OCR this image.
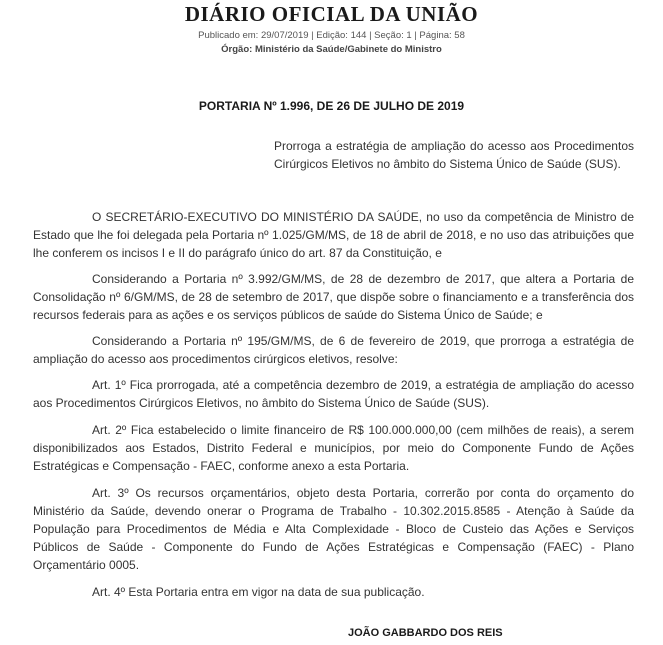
DIÁRIO OFICIAL DA UNIÃO
Publicado em: 29/07/2019 | Edição: 144 | Seção: 1 | Página: 58
Órgão: Ministério da Saúde/Gabinete do Ministro
PORTARIA Nº 1.996, DE 26 DE JULHO DE 2019
Prorroga a estratégia de ampliação do acesso aos Procedimentos Cirúrgicos Eletivos no âmbito do Sistema Único de Saúde (SUS).

O SECRETÁRIO-EXECUTIVO DO MINISTÉRIO DA SAÚDE, no uso da competência de Ministro de Estado que lhe foi delegada pela Portaria nº 1.025/GM/MS, de 18 de abril de 2018, e no uso das atribuições que lhe conferem os incisos I e II do parágrafo único do art. 87 da Constituição, e

Considerando a Portaria nº 3.992/GM/MS, de 28 de dezembro de 2017, que altera a Portaria de Consolidação nº 6/GM/MS, de 28 de setembro de 2017, que dispõe sobre o financiamento e a transferência dos recursos federais para as ações e os serviços públicos de saúde do Sistema Único de Saúde; e

Considerando a Portaria nº 195/GM/MS, de 6 de fevereiro de 2019, que prorroga a estratégia de ampliação do acesso aos procedimentos cirúrgicos eletivos, resolve:

Art. 1º Fica prorrogada, até a competência dezembro de 2019, a estratégia de ampliação do acesso aos Procedimentos Cirúrgicos Eletivos, no âmbito do Sistema Único de Saúde (SUS).

Art. 2º Fica estabelecido o limite financeiro de R$ 100.000.000,00 (cem milhões de reais), a serem disponibilizados aos Estados, Distrito Federal e municípios, por meio do Componente Fundo de Ações Estratégicas e Compensação - FAEC, conforme anexo a esta Portaria.

Art. 3º Os recursos orçamentários, objeto desta Portaria, correrão por conta do orçamento do Ministério da Saúde, devendo onerar o Programa de Trabalho - 10.302.2015.8585 - Atenção à Saúde da População para Procedimentos de Média e Alta Complexidade - Bloco de Custeio das Ações e Serviços Públicos de Saúde - Componente do Fundo de Ações Estratégicas e Compensação (FAEC) - Plano Orçamentário 0005.

Art. 4º Esta Portaria entra em vigor na data de sua publicação.

JOÃO GABBARDO DOS REIS
